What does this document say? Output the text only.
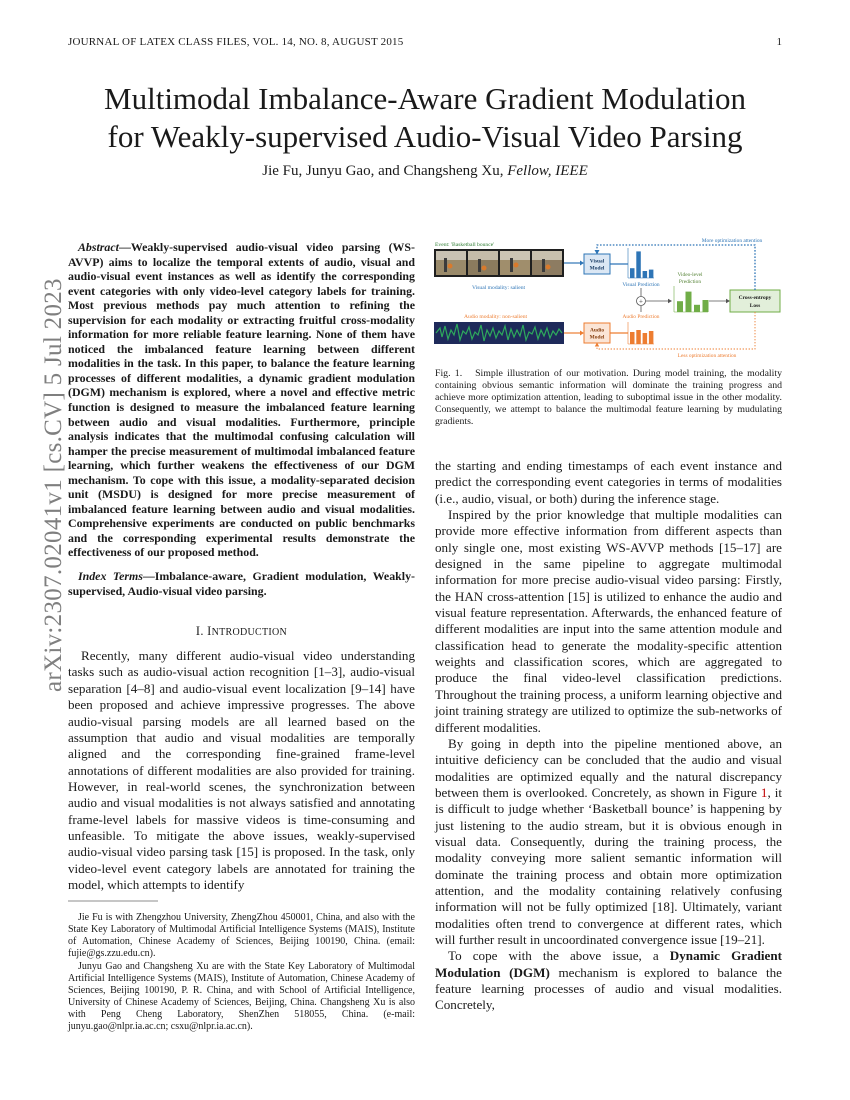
JOURNAL OF LATEX CLASS FILES, VOL. 14, NO. 8, AUGUST 2015	1
arXiv:2307.02041v1 [cs.CV] 5 Jul 2023
Multimodal Imbalance-Aware Gradient Modulation
for Weakly-supervised Audio-Visual Video Parsing
Jie Fu, Junyu Gao, and Changsheng Xu, Fellow, IEEE

Abstract—Weakly-supervised audio-visual video parsing (WS-AVVP) aims to localize the temporal extents of audio, visual and audio-visual event instances as well as identify the corresponding event categories with only video-level category labels for training. Most previous methods pay much attention to refining the supervision for each modality or extracting fruitful cross-modality information for more reliable feature learning. None of them have noticed the imbalanced feature learning between different modalities in the task. In this paper, to balance the feature learning processes of different modalities, a dynamic gradient modulation (DGM) mechanism is explored, where a novel and effective metric function is designed to measure the imbalanced feature learning between audio and visual modalities. Furthermore, principle analysis indicates that the multimodal confusing calculation will hamper the precise measurement of multimodal imbalanced feature learning, which further weakens the effectiveness of our DGM mechanism. To cope with this issue, a modality-separated decision unit (MSDU) is designed for more precise measurement of imbalanced feature learning between audio and visual modalities. Comprehensive experiments are conducted on public benchmarks and the corresponding experimental results demonstrate the effectiveness of our proposed method.

Index Terms—Imbalance-aware, Gradient modulation, Weakly-supervised, Audio-visual video parsing.

I. INTRODUCTION

Recently, many different audio-visual video understanding tasks such as audio-visual action recognition [1–3], audio-visual separation [4–8] and audio-visual event localization [9–14] have been proposed and achieve impressive progresses. The above audio-visual parsing models are all learned based on the assumption that audio and visual modalities are temporally aligned and the corresponding fine-grained frame-level annotations of different modalities are also provided for training. However, in real-world scenes, the synchronization between audio and visual modalities is not always satisfied and annotating frame-level labels for massive videos is time-consuming and unfeasible. To mitigate the above issues, weakly-supervised audio-visual video parsing task [15] is proposed. In the task, only video-level event category labels are annotated for training the model, which attempts to identify

Jie Fu is with Zhengzhou University, ZhengZhou 450001, China, and also with the State Key Laboratory of Multimodal Artificial Intelligence Systems (MAIS), Institute of Automation, Chinese Academy of Sciences, Beijing 100190, China. (email: fujie@gs.zzu.edu.cn).

Junyu Gao and Changsheng Xu are with the State Key Laboratory of Multimodal Artificial Intelligence Systems (MAIS), Institute of Automation, Chinese Academy of Sciences, Beijing 100190, P. R. China, and with School of Artificial Intelligence, University of Chinese Academy of Sciences, Beijing, China. Changsheng Xu is also with Peng Cheng Laboratory, ShenZhen 518055, China. (e-mail: junyu.gao@nlpr.ia.ac.cn; csxu@nlpr.ia.ac.cn).

Event: 'Basketball bounce'
Visual modality: salient
Audio modality: non-salient
Visual
Model
Audio
Model
Visual Prediction
Audio Prediction
+
Video-level
Prediction
Cross-entropy
Loss
More optimization attention
Less optimization attention
Fig. 1. Simple illustration of our motivation. During model training, the modality containing obvious semantic information will dominate the training progress and achieve more optimization attention, leading to suboptimal issue in the other modality. Consequently, we attempt to balance the multimodal feature learning by mudulating gradients.

the starting and ending timestamps of each event instance and predict the corresponding event categories in terms of modalities (i.e., audio, visual, or both) during the inference stage.

Inspired by the prior knowledge that multiple modalities can provide more effective information from different aspects than only single one, most existing WS-AVVP methods [15–17] are designed in the same pipeline to aggregate multimodal information for more precise audio-visual video parsing: Firstly, the HAN cross-attention [15] is utilized to enhance the audio and visual feature representation. Afterwards, the enhanced feature of different modalities are input into the same attention module and classification head to generate the modality-specific attention weights and classification scores, which are aggregated to produce the final video-level classification predictions. Throughout the training process, a uniform learning objective and joint training strategy are utilized to optimize the sub-networks of different modalities.

By going in depth into the pipeline mentioned above, an intuitive deficiency can be concluded that the audio and visual modalities are optimized equally and the natural discrepancy between them is overlooked. Concretely, as shown in Figure 1, it is difficult to judge whether ‘Basketball bounce’ is happening by just listening to the audio stream, but it is obvious enough in visual data. Consequently, during the training process, the modality conveying more salient semantic information will dominate the training process and obtain more optimization attention, and the modality containing relatively confusing information will not be fully optimized [18]. Ultimately, variant modalities often trend to convergence at different rates, which will further result in uncoordinated convergence issue [19–21].

To cope with the above issue, a Dynamic Gradient Modulation (DGM) mechanism is explored to balance the feature learning processes of audio and visual modalities. Concretely,
